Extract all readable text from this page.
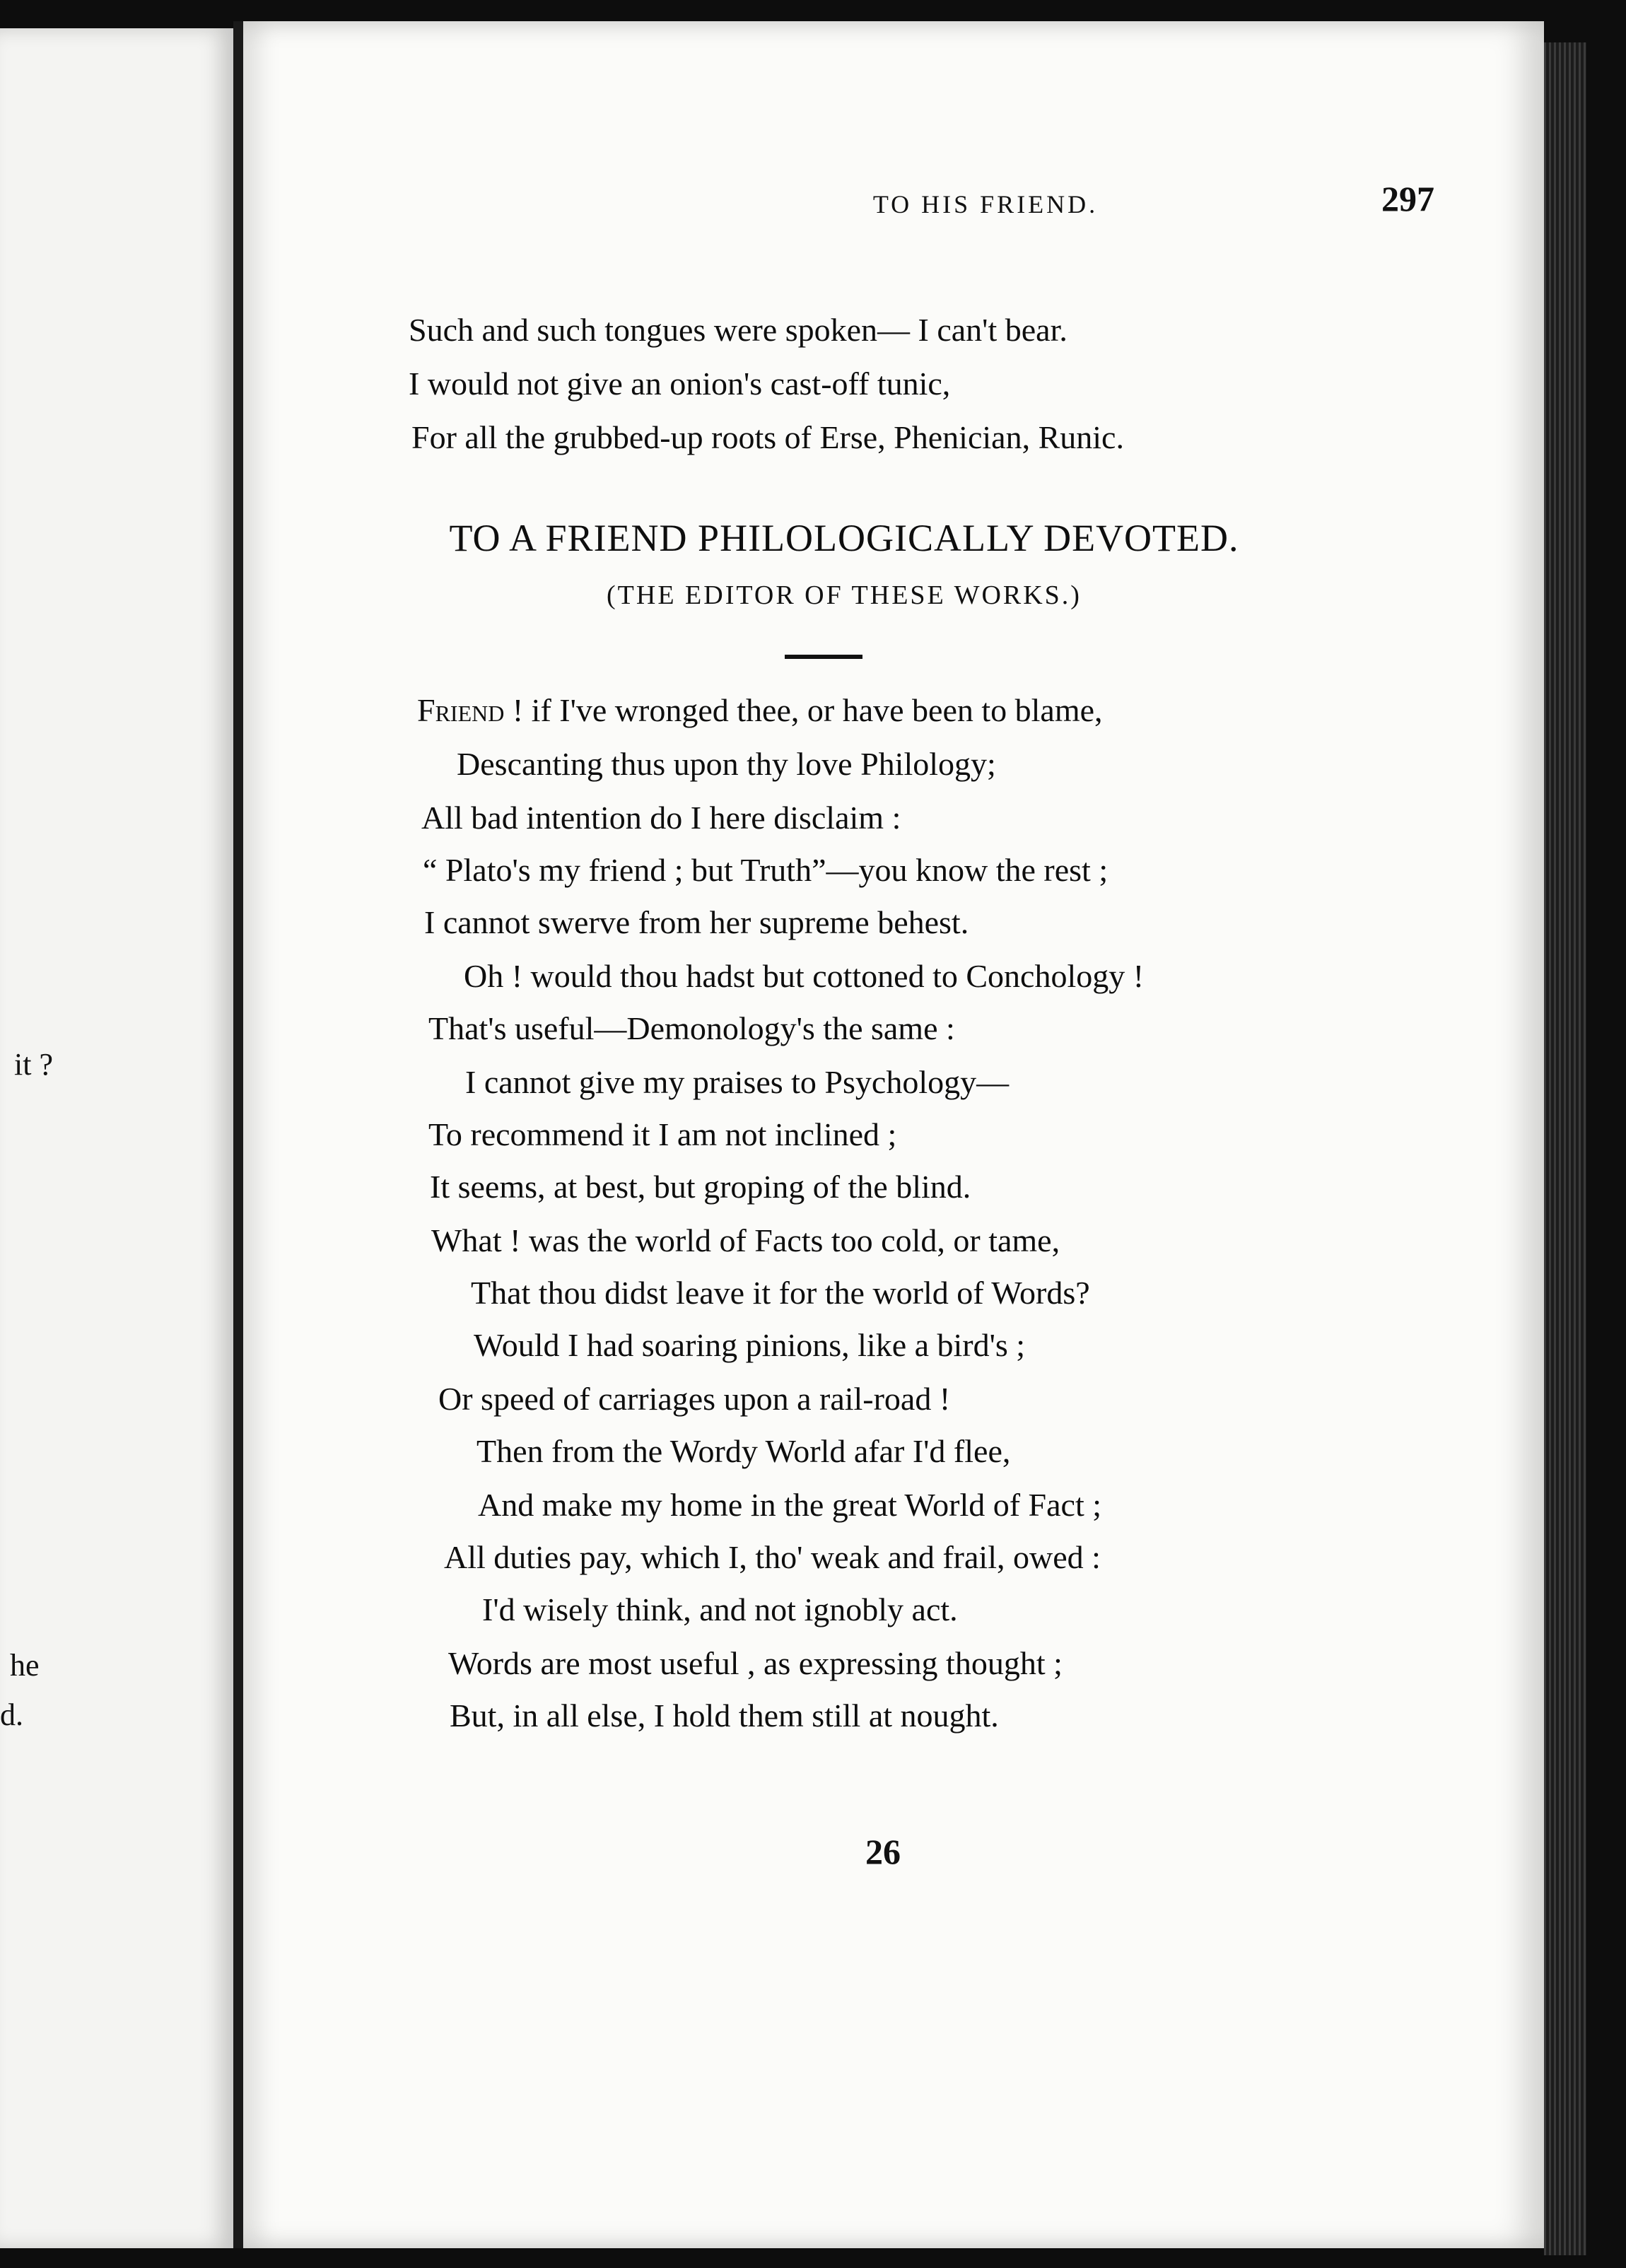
it ?
he
d.
TO HIS FRIEND.	297
Such and such tongues were spoken— I can't bear.
I would not give an onion's cast-off tunic,
For all the grubbed-up roots of Erse, Phenician, Runic.
TO A FRIEND PHILOLOGICALLY DEVOTED.
(THE EDITOR OF THESE WORKS.)
Friend ! if I've wronged thee, or have been to blame,
Descanting thus upon thy love Philology;
All bad intention do I here disclaim :
“ Plato's my friend ; but Truth”—you know the rest ;
I cannot swerve from her supreme behest.
Oh ! would thou hadst but cottoned to Conchology !
That's useful—Demonology's the same :
I cannot give my praises to Psychology—
To recommend it I am not inclined ;
It seems, at best, but groping of the blind.
What ! was the world of Facts too cold, or tame,
That thou didst leave it for the world of Words?
Would I had soaring pinions, like a bird's ;
Or speed of carriages upon a rail-road !
Then from the Wordy World afar I'd flee,
And make my home in the great World of Fact ;
All duties pay, which I, tho' weak and frail, owed :
I'd wisely think, and not ignobly act.
Words are most useful , as expressing thought ;
But, in all else, I hold them still at nought.
26
